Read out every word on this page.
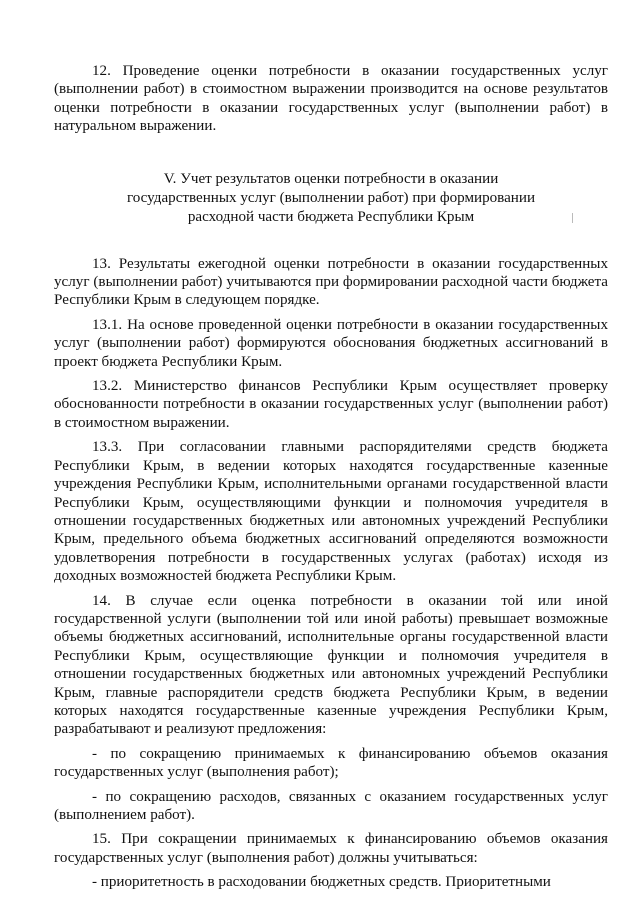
12. Проведение оценки потребности в оказании государственных услуг (выполнении работ) в стоимостном выражении производится на основе результатов оценки потребности в оказании государственных услуг (выполнении работ) в натуральном выражении.

V. Учет результатов оценки потребности в оказании
государственных услуг (выполнении работ) при формировании
расходной части бюджета Республики Крым

13. Результаты ежегодной оценки потребности в оказании государственных услуг (выполнении работ) учитываются при формировании расходной части бюджета Республики Крым в следующем порядке.

13.1. На основе проведенной оценки потребности в оказании государственных услуг (выполнении работ) формируются обоснования бюджетных ассигнований в проект бюджета Республики Крым.

13.2. Министерство финансов Республики Крым осуществляет проверку обоснованности потребности в оказании государственных услуг (выполнении работ) в стоимостном выражении.

13.3. При согласовании главными распорядителями средств бюджета Республики Крым, в ведении которых находятся государственные казенные учреждения Республики Крым, исполнительными органами государственной власти Республики Крым, осуществляющими функции и полномочия учредителя в отношении государственных бюджетных или автономных учреждений Республики Крым, предельного объема бюджетных ассигнований определяются возможности удовлетворения потребности в государственных услугах (работах) исходя из доходных возможностей бюджета Республики Крым.

14. В случае если оценка потребности в оказании той или иной государственной услуги (выполнении той или иной работы) превышает возможные объемы бюджетных ассигнований, исполнительные органы государственной власти Республики Крым, осуществляющие функции и полномочия учредителя в отношении государственных бюджетных или автономных учреждений Республики Крым, главные распорядители средств бюджета Республики Крым, в ведении которых находятся государственные казенные учреждения Республики Крым, разрабатывают и реализуют предложения:

- по сокращению принимаемых к финансированию объемов оказания государственных услуг (выполнения работ);

- по сокращению расходов, связанных с оказанием государственных услуг (выполнением работ).

15. При сокращении принимаемых к финансированию объемов оказания государственных услуг (выполнения работ) должны учитываться:

- приоритетность в расходовании бюджетных средств. Приоритетными
